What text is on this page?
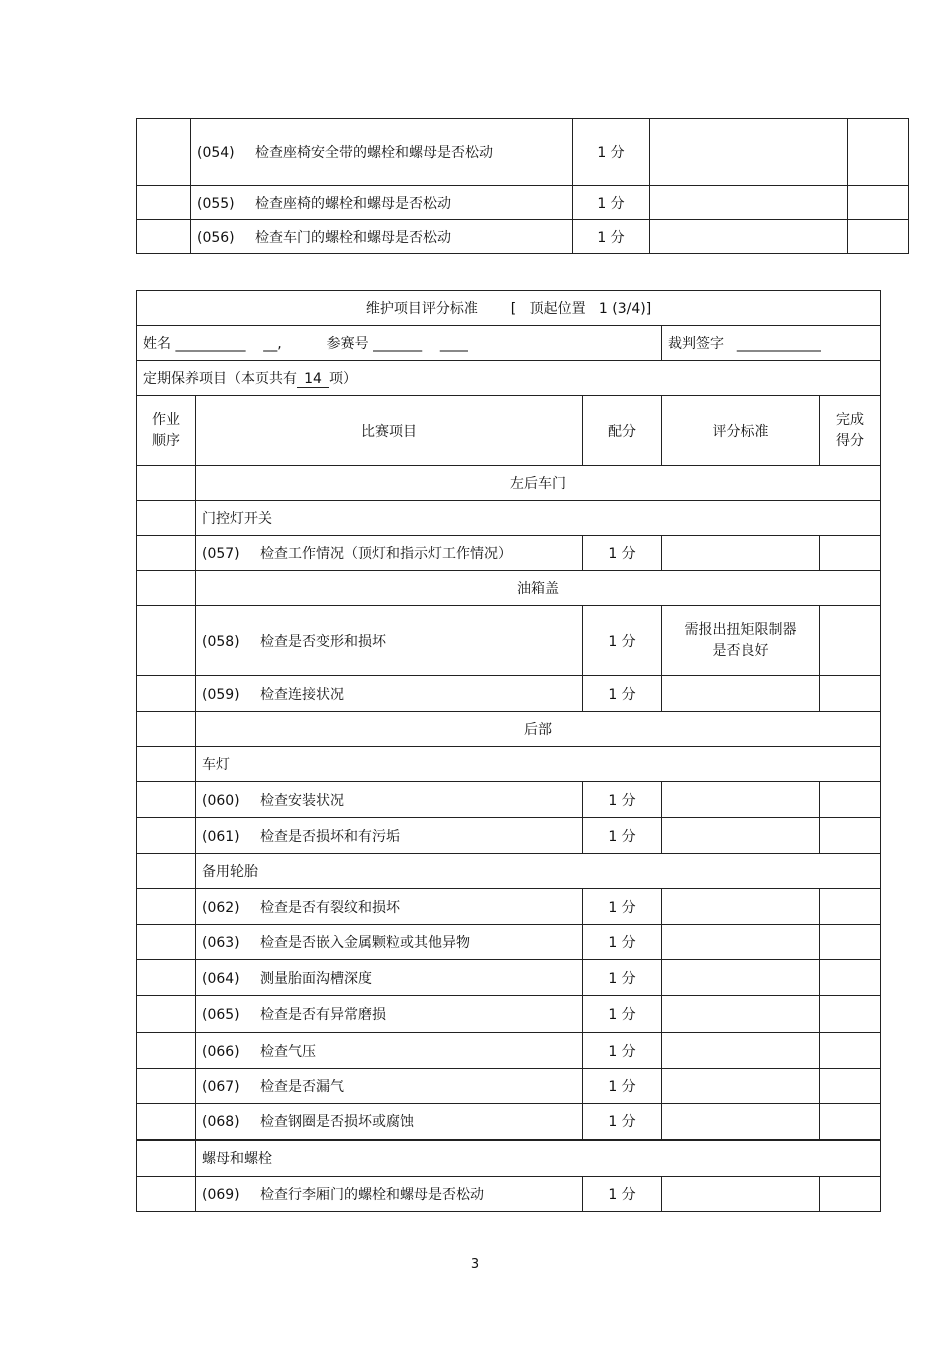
	(054) 检查座椅安全带的螺栓和螺母是否松动	1 分		
	(055) 检查座椅的螺栓和螺母是否松动	1 分		
	(056) 检查车门的螺栓和螺母是否松动	1 分		
维护项目评分标准 [   顶起位置   1 (3/4)]				
姓名 __________    __, 参赛号 _______    ____			裁判签字 ____________	
定期保养项目（本页共有 14 项）				
作业
顺序	比赛项目	配分	评分标准	完成
得分
	左后车门			
	门控灯开关			
	(057) 检查工作情况（顶灯和指示灯工作情况）	1 分		
	油箱盖			
	(058) 检查是否变形和损坏	1 分	需报出扭矩限制器
是否良好	
	(059) 检查连接状况	1 分		
	后部			
	车灯			
	(060) 检查安装状况	1 分		
	(061) 检查是否损坏和有污垢	1 分		
	备用轮胎			
	(062) 检查是否有裂纹和损坏	1 分		
	(063) 检查是否嵌入金属颗粒或其他异物	1 分		
	(064) 测量胎面沟槽深度	1 分		
	(065) 检查是否有异常磨损	1 分		
	(066) 检查气压	1 分		
	(067) 检查是否漏气	1 分		
	(068) 检查钢圈是否损坏或腐蚀	1 分		
	螺母和螺栓			
	(069) 检查行李厢门的螺栓和螺母是否松动	1 分		
3
